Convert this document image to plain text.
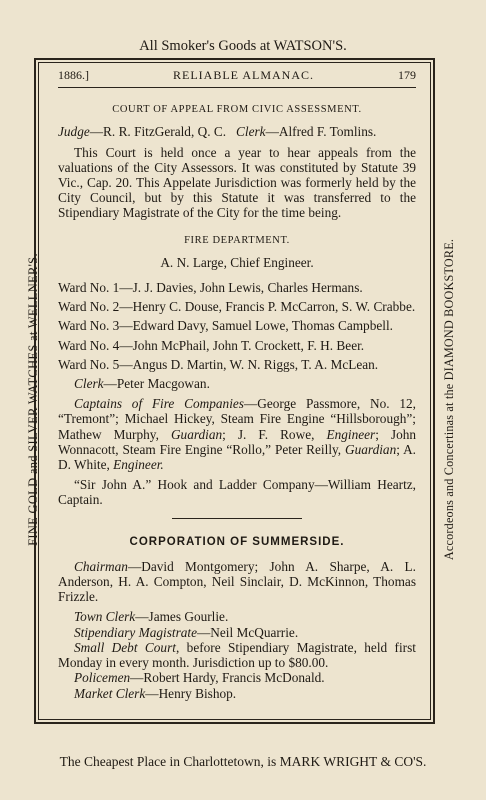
All Smoker's Goods at WATSON'S.
FINE GOLD and SILVER WATCHES at WELLNER'S.	Accordeons and Concertinas at the DIAMOND BOOKSTORE.
1886.]	RELIABLE ALMANAC.	179
COURT OF APPEAL FROM CIVIC ASSESSMENT.

Judge—R. R. FitzGerald, Q. C. Clerk—Alfred F. Tomlins.

This Court is held once a year to hear appeals from the valuations of the City Assessors. It was constituted by Statute 39 Vic., Cap. 20. This Appelate Jurisdiction was formerly held by the City Council, but by this Statute it was transferred to the Stipendiary Magistrate of the City for the time being.

FIRE DEPARTMENT.

A. N. Large, Chief Engineer.

Ward No. 1—J. J. Davies, John Lewis, Charles Hermans.

Ward No. 2—Henry C. Douse, Francis P. McCarron, S. W. Crabbe.

Ward No. 3—Edward Davy, Samuel Lowe, Thomas Campbell.

Ward No. 4—John McPhail, John T. Crockett, F. H. Beer.

Ward No. 5—Angus D. Martin, W. N. Riggs, T. A. McLean.

Clerk—Peter Macgowan.

Captains of Fire Companies—George Passmore, No. 12, “Tremont”; Michael Hickey, Steam Fire Engine “Hillsborough”; Mathew Murphy, Guardian; J. F. Rowe, Engineer; John Wonnacott, Steam Fire Engine “Rollo,” Peter Reilly, Guardian; A. D. White, Engineer.

“Sir John A.” Hook and Ladder Company—William Heartz, Captain.

CORPORATION OF SUMMERSIDE.

Chairman—David Montgomery; John A. Sharpe, A. L. Anderson, H. A. Compton, Neil Sinclair, D. McKinnon, Thomas Frizzle.

Town Clerk—James Gourlie.

Stipendiary Magistrate—Neil McQuarrie.

Small Debt Court, before Stipendiary Magistrate, held first Monday in every month. Jurisdiction up to $80.00.

Policemen—Robert Hardy, Francis McDonald.

Market Clerk—Henry Bishop.

The Cheapest Place in Charlottetown, is MARK WRIGHT & CO'S.
